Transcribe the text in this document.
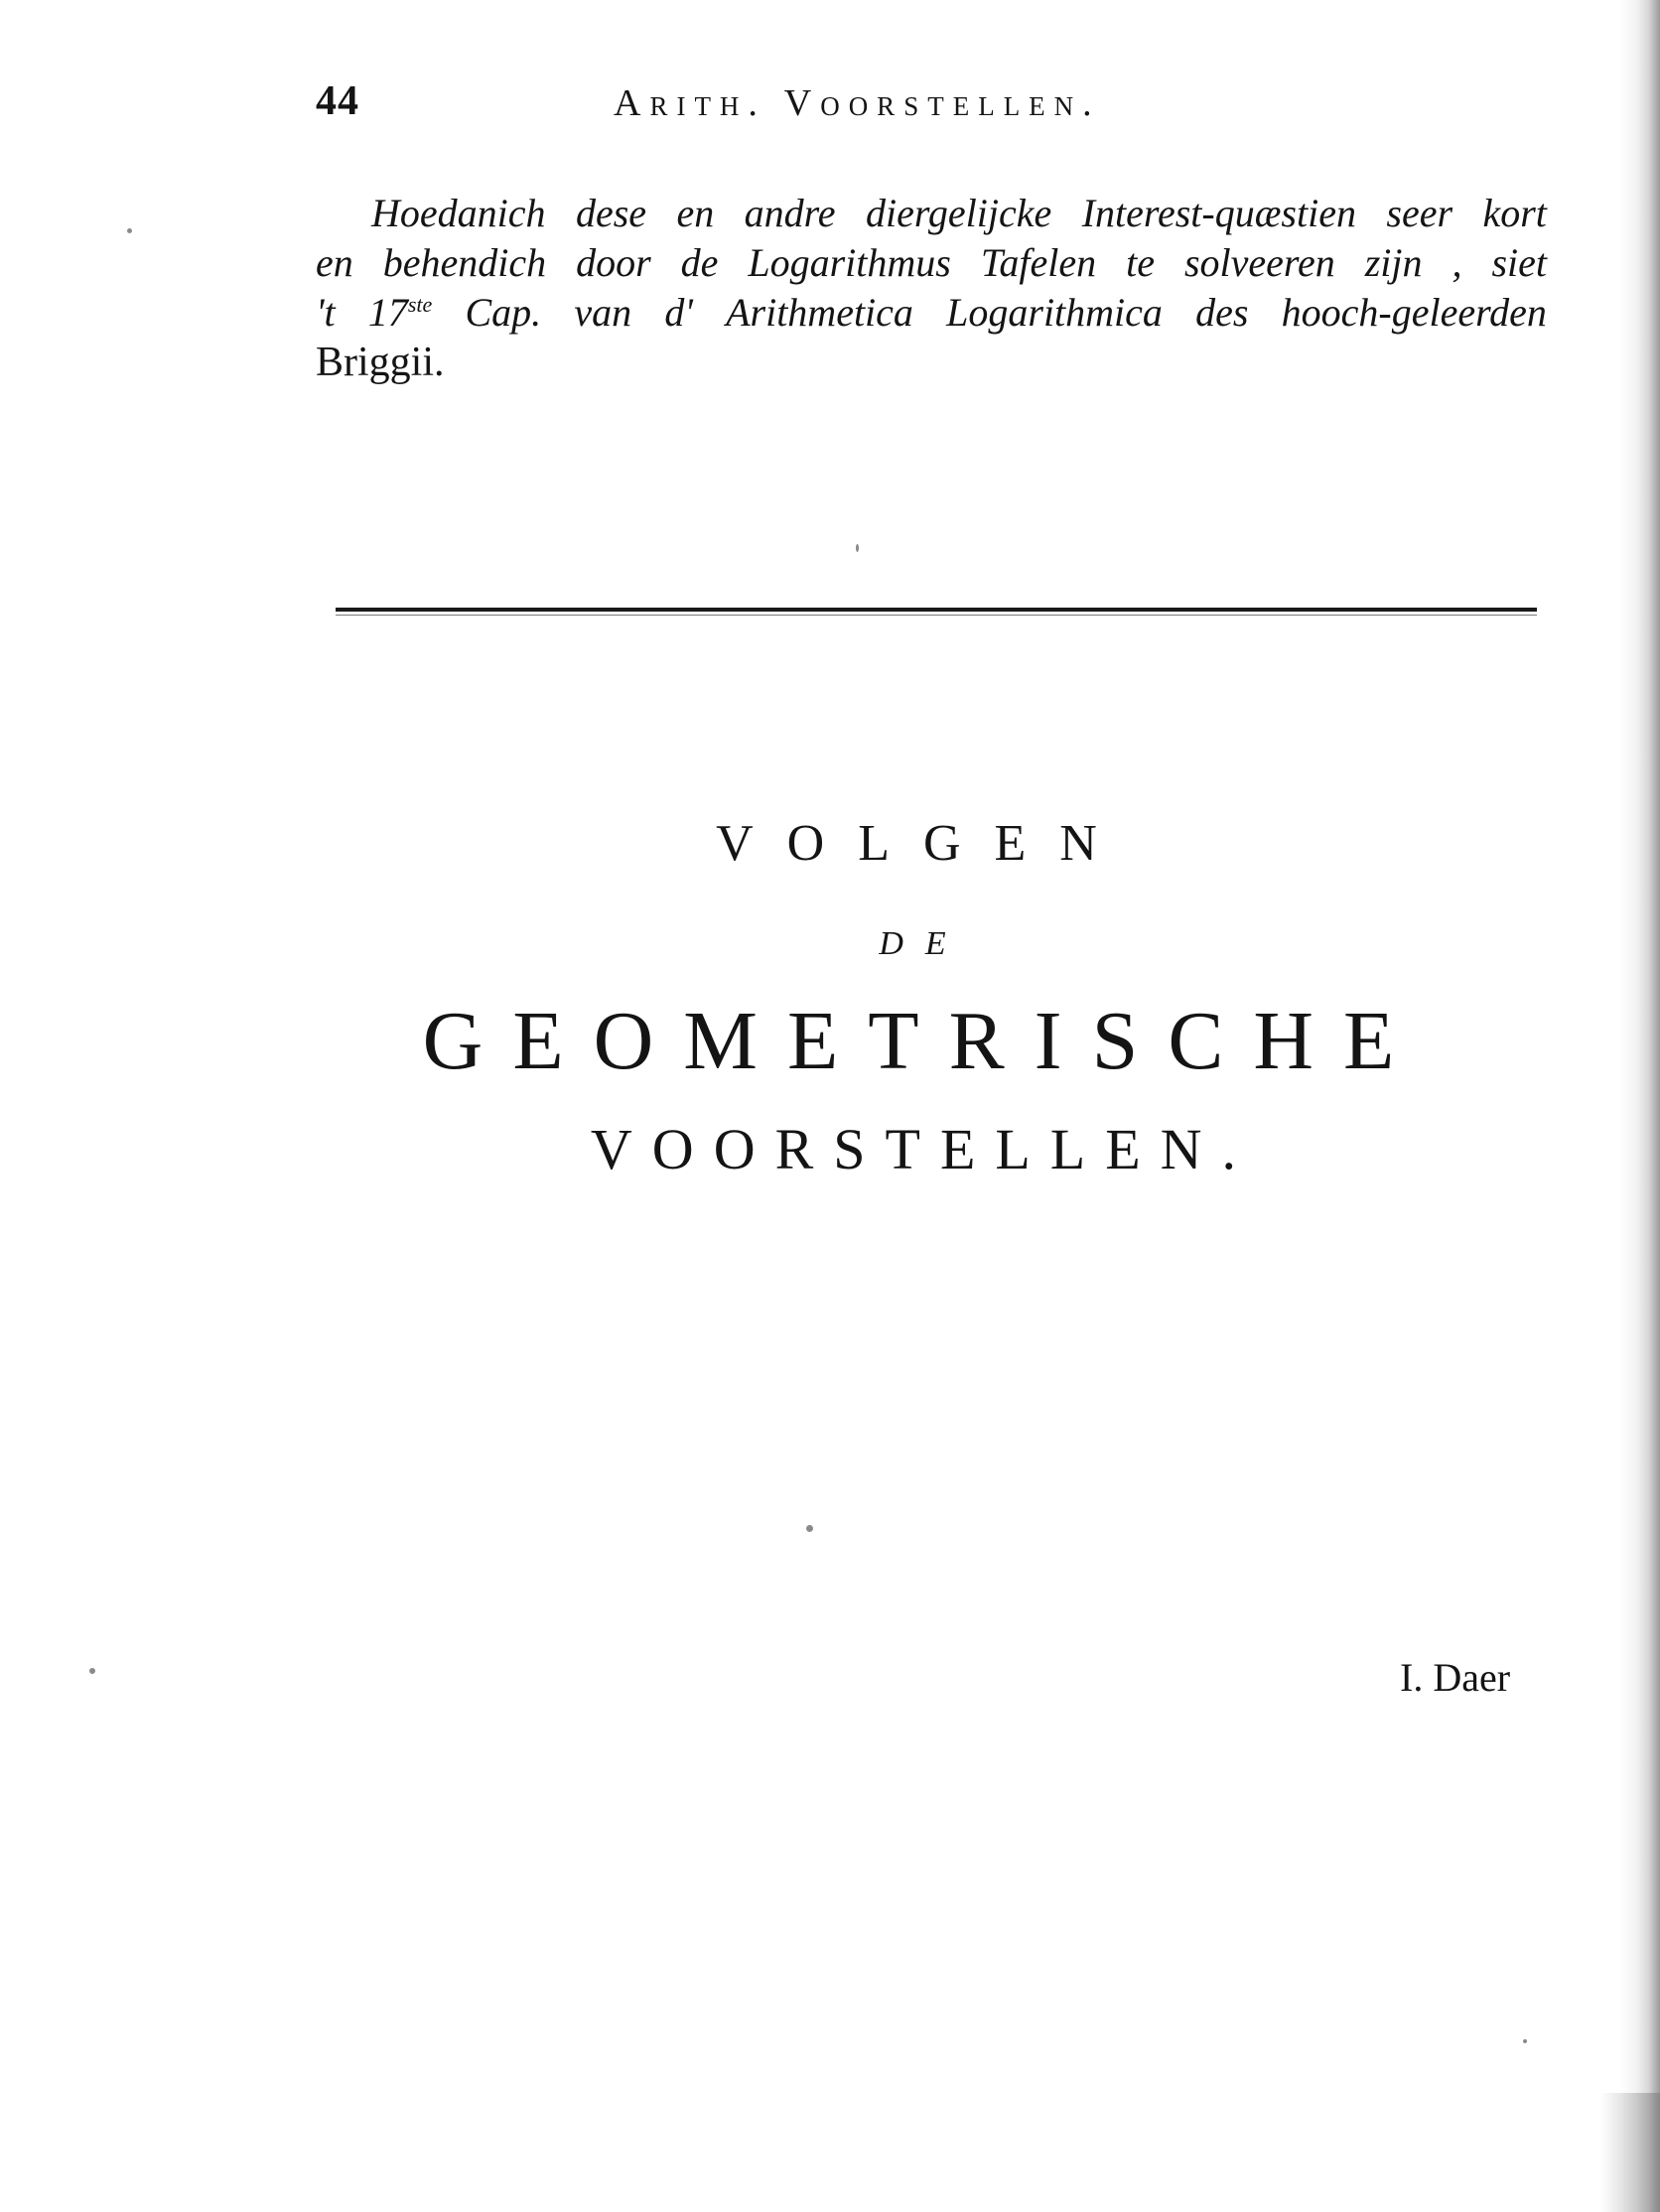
44	Arith. Voorstellen.
Hoedanich dese en andre diergelijcke Interest-quæstien seer kort
en behendich door de Logarithmus Tafelen te solveeren zijn , siet
't 17ste Cap. van d' Arithmetica Logarithmica des hooch-geleerden
Briggii.
VOLGEN
DE
GEOMETRISCHE
VOORSTELLEN.
I. Daer
